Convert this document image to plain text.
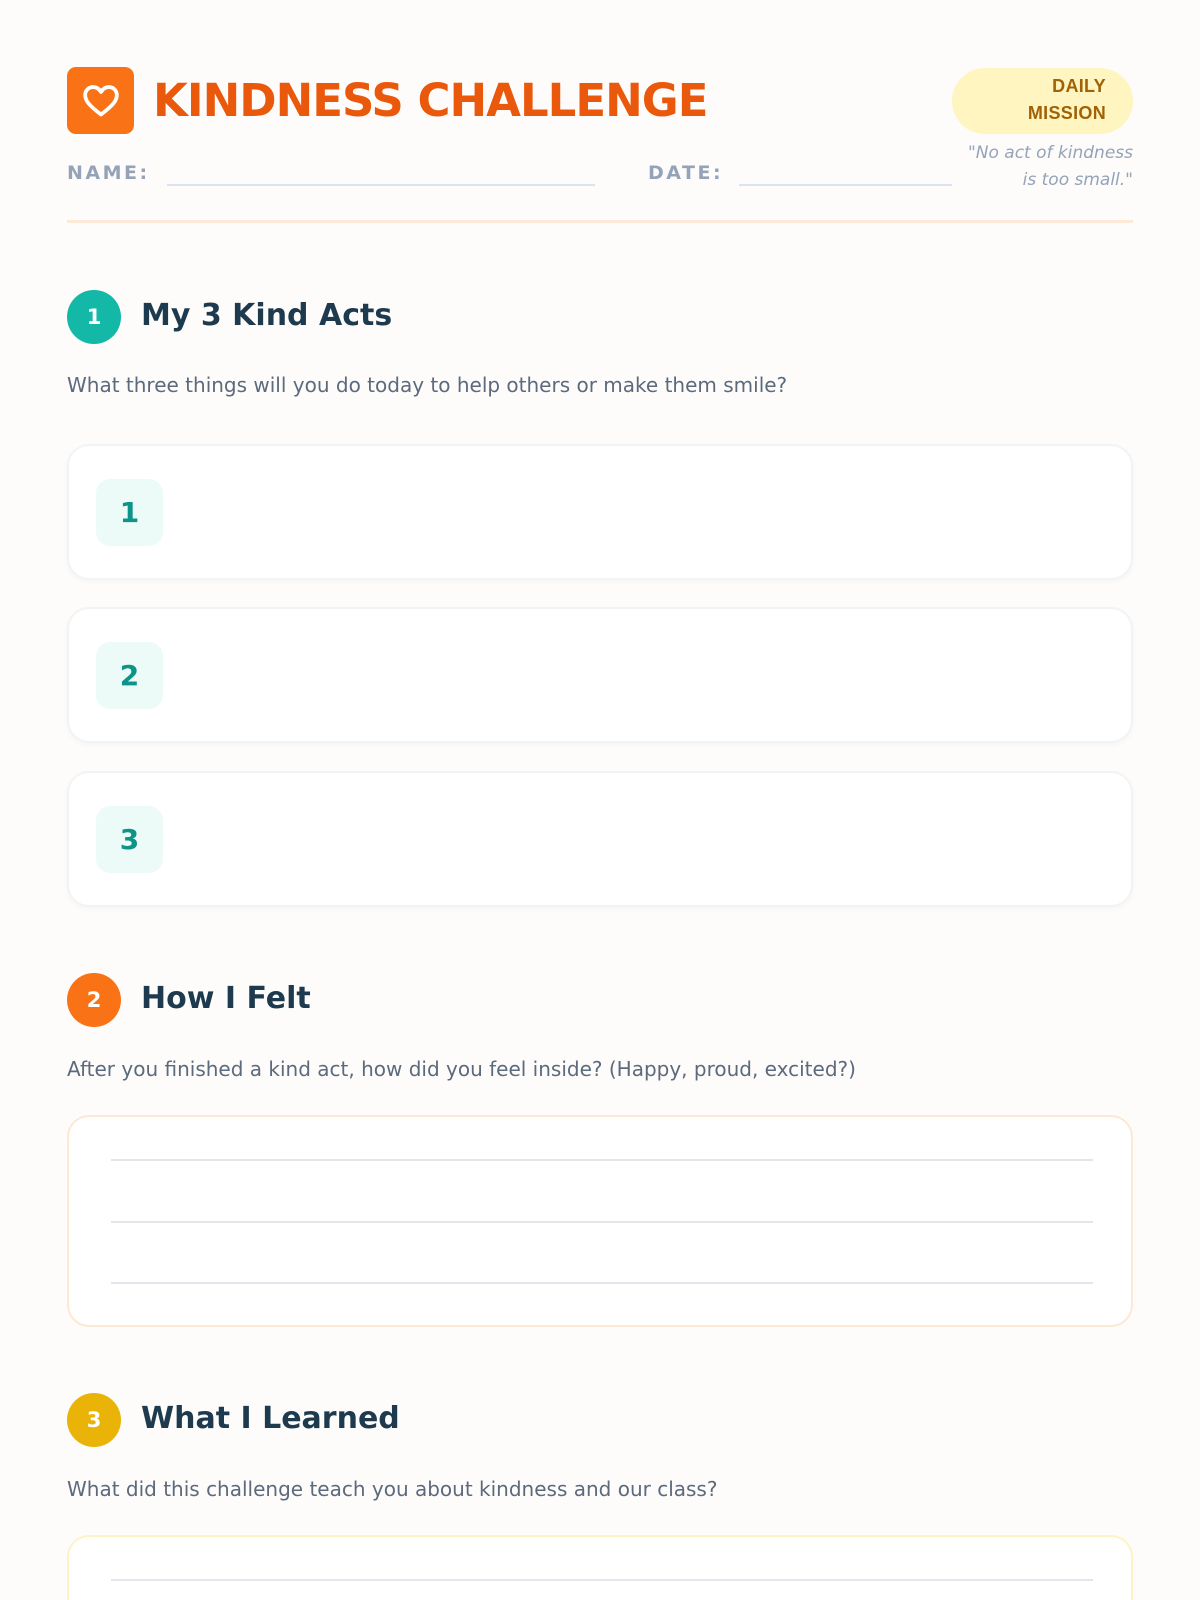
KINDNESS CHALLENGE	DAILY
MISSION
"No act of kindness
is too small."
NAME:	DATE:
1	My 3 Kind Acts
What three things will you do today to help others or make them smile?
1
2
3
2	How I Felt
After you finished a kind act, how did you feel inside? (Happy, proud, excited?)
3	What I Learned
What did this challenge teach you about kindness and our class?
